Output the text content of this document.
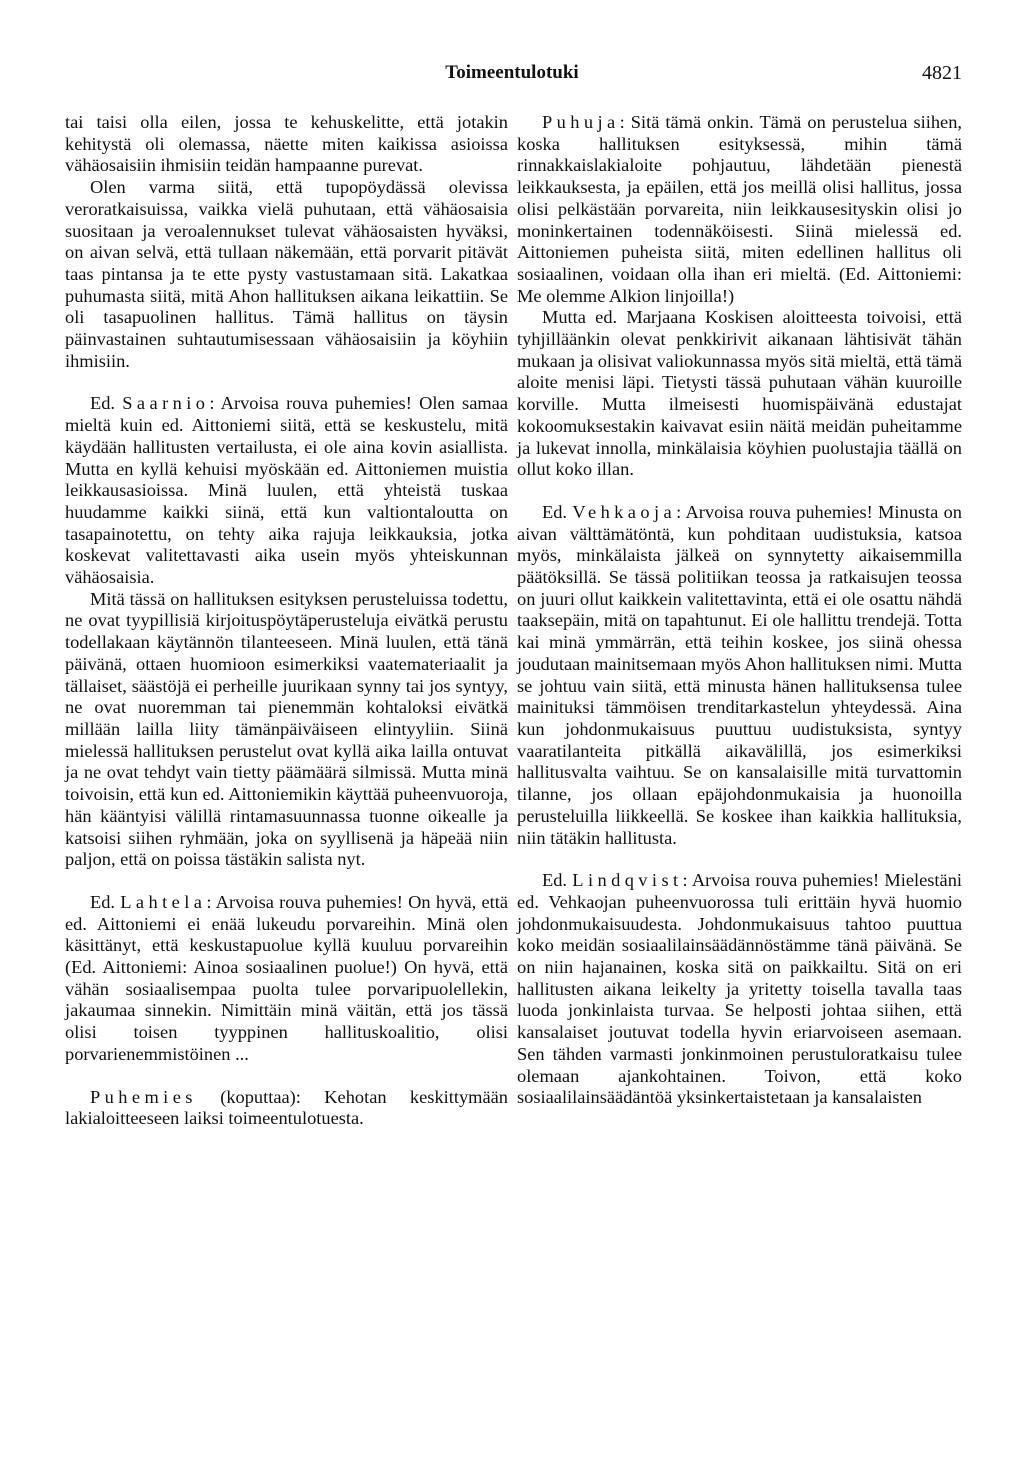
Toimeentulotuki	4821

tai taisi olla eilen, jossa te kehuskelitte, että jotakin kehitystä oli olemassa, näette miten kaikissa asioissa vähäosaisiin ihmisiin teidän hampaanne purevat.

Olen varma siitä, että tupopöydässä olevissa veroratkaisuissa, vaikka vielä puhutaan, että vähäosaisia suositaan ja veroalennukset tulevat vähäosaisten hyväksi, on aivan selvä, että tullaan näkemään, että porvarit pitävät taas pintansa ja te ette pysty vastustamaan sitä. Lakatkaa puhumasta siitä, mitä Ahon hallituksen aikana leikattiin. Se oli tasapuolinen hallitus. Tämä hallitus on täysin päinvastainen suhtautumisessaan vähäosaisiin ja köyhiin ihmisiin.

Ed. Saarnio: Arvoisa rouva puhemies! Olen samaa mieltä kuin ed. Aittoniemi siitä, että se keskustelu, mitä käydään hallitusten vertailusta, ei ole aina kovin asiallista. Mutta en kyllä kehuisi myöskään ed. Aittoniemen muistia leikkausasioissa. Minä luulen, että yhteistä tuskaa huudamme kaikki siinä, että kun valtiontaloutta on tasapainotettu, on tehty aika rajuja leikkauksia, jotka koskevat valitettavasti aika usein myös yhteiskunnan vähäosaisia.

Mitä tässä on hallituksen esityksen perusteluissa todettu, ne ovat tyypillisiä kirjoituspöytäperusteluja eivätkä perustu todellakaan käytännön tilanteeseen. Minä luulen, että tänä päivänä, ottaen huomioon esimerkiksi vaatemateriaalit ja tällaiset, säästöjä ei perheille juurikaan synny tai jos syntyy, ne ovat nuoremman tai pienemmän kohtaloksi eivätkä millään lailla liity tämänpäiväiseen elintyyliin. Siinä mielessä hallituksen perustelut ovat kyllä aika lailla ontuvat ja ne ovat tehdyt vain tietty päämäärä silmissä. Mutta minä toivoisin, että kun ed. Aittoniemikin käyttää puheenvuoroja, hän kääntyisi välillä rintamasuunnassa tuonne oikealle ja katsoisi siihen ryhmään, joka on syyllisenä ja häpeää niin paljon, että on poissa tästäkin salista nyt.

Ed. Lahtela: Arvoisa rouva puhemies! On hyvä, että ed. Aittoniemi ei enää lukeudu porvareihin. Minä olen käsittänyt, että keskustapuolue kyllä kuuluu porvareihin (Ed. Aittoniemi: Ainoa sosiaalinen puolue!) On hyvä, että vähän sosiaalisempaa puolta tulee porvaripuolellekin, jakaumaa sinnekin. Nimittäin minä väitän, että jos tässä olisi toisen tyyppinen hallituskoalitio, olisi porvarienemmistöinen ...

Puhemies (koputtaa): Kehotan keskittymään lakialoitteeseen laiksi toimeentulotuesta.

Puhuja: Sitä tämä onkin. Tämä on perustelua siihen, koska hallituksen esityksessä, mihin tämä rinnakkaislakialoite pohjautuu, lähdetään pienestä leikkauksesta, ja epäilen, että jos meillä olisi hallitus, jossa olisi pelkästään porvareita, niin leikkausesityskin olisi jo moninkertainen todennäköisesti. Siinä mielessä ed. Aittoniemen puheista siitä, miten edellinen hallitus oli sosiaalinen, voidaan olla ihan eri mieltä. (Ed. Aittoniemi: Me olemme Alkion linjoilla!)

Mutta ed. Marjaana Koskisen aloitteesta toivoisi, että tyhjilläänkin olevat penkkirivit aikanaan lähtisivät tähän mukaan ja olisivat valiokunnassa myös sitä mieltä, että tämä aloite menisi läpi. Tietysti tässä puhutaan vähän kuuroille korville. Mutta ilmeisesti huomispäivänä edustajat kokoomuksestakin kaivavat esiin näitä meidän puheitamme ja lukevat innolla, minkälaisia köyhien puolustajia täällä on ollut koko illan.

Ed. Vehkaoja: Arvoisa rouva puhemies! Minusta on aivan välttämätöntä, kun pohditaan uudistuksia, katsoa myös, minkälaista jälkeä on synnytetty aikaisemmilla päätöksillä. Se tässä politiikan teossa ja ratkaisujen teossa on juuri ollut kaikkein valitettavinta, että ei ole osattu nähdä taaksepäin, mitä on tapahtunut. Ei ole hallittu trendejä. Totta kai minä ymmärrän, että teihin koskee, jos siinä ohessa joudutaan mainitsemaan myös Ahon hallituksen nimi. Mutta se johtuu vain siitä, että minusta hänen hallituksensa tulee mainituksi tämmöisen trenditarkastelun yhteydessä. Aina kun johdonmukaisuus puuttuu uudistuksista, syntyy vaaratilanteita pitkällä aikavälillä, jos esimerkiksi hallitusvalta vaihtuu. Se on kansalaisille mitä turvattomin tilanne, jos ollaan epäjohdonmukaisia ja huonoilla perusteluilla liikkeellä. Se koskee ihan kaikkia hallituksia, niin tätäkin hallitusta.

Ed. Lindqvist: Arvoisa rouva puhemies! Mielestäni ed. Vehkaojan puheenvuorossa tuli erittäin hyvä huomio johdonmukaisuudesta. Johdonmukaisuus tahtoo puuttua koko meidän sosiaalilainsäädännöstämme tänä päivänä. Se on niin hajanainen, koska sitä on paikkailtu. Sitä on eri hallitusten aikana leikelty ja yritetty toisella tavalla taas luoda jonkinlaista turvaa. Se helposti johtaa siihen, että kansalaiset joutuvat todella hyvin eriarvoiseen asemaan. Sen tähden varmasti jonkinmoinen perustuloratkaisu tulee olemaan ajankohtainen. Toivon, että koko sosiaalilainsäädäntöä yksinkertaistetaan ja kansalaisten
